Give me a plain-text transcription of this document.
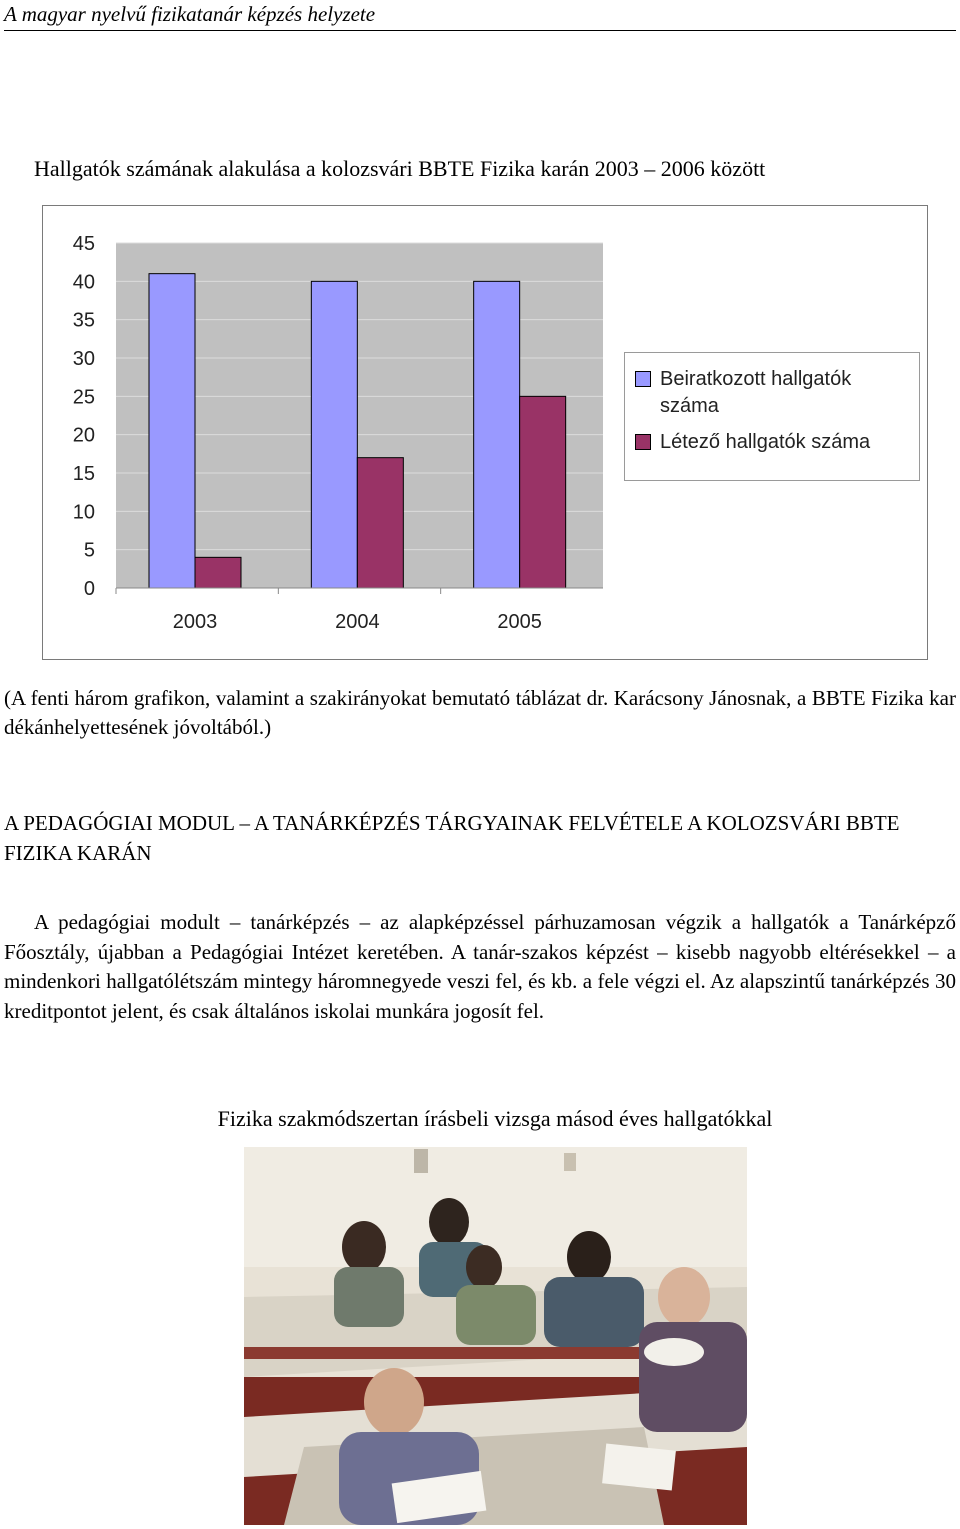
A magyar nyelvű fizikatanár képzés helyzete
Hallgatók számának alakulása a kolozsvári BBTE Fizika karán 2003 – 2006 között
0
5
10
15
20
25
30
35
40
45
2003	2004	2005
Beiratkozott hallgatók száma
Létező hallgatók száma
(A fenti három grafikon, valamint a szakirányokat bemutató táblázat dr. Karácsony Jánosnak, a BBTE Fizika kar dékánhelyettesének jóvoltából.)
A PEDAGÓGIAI MODUL – A TANÁRKÉPZÉS TÁRGYAINAK FELVÉTELE A KOLOZSVÁRI BBTE FIZIKA KARÁN
A pedagógiai modult – tanárképzés – az alapképzéssel párhuzamosan végzik a hallgatók a Tanárképző Főosztály, újabban a Pedagógiai Intézet keretében. A tanár-szakos képzést – kisebb nagyobb eltérésekkel – a mindenkori hallgatólétszám mintegy háromnegyede veszi fel, és kb. a fele végzi el. Az alapszintű tanárképzés 30 kreditpontot jelent, és csak általános iskolai munkára jogosít fel.
Fizika szakmódszertan írásbeli vizsga másod éves hallgatókkal
